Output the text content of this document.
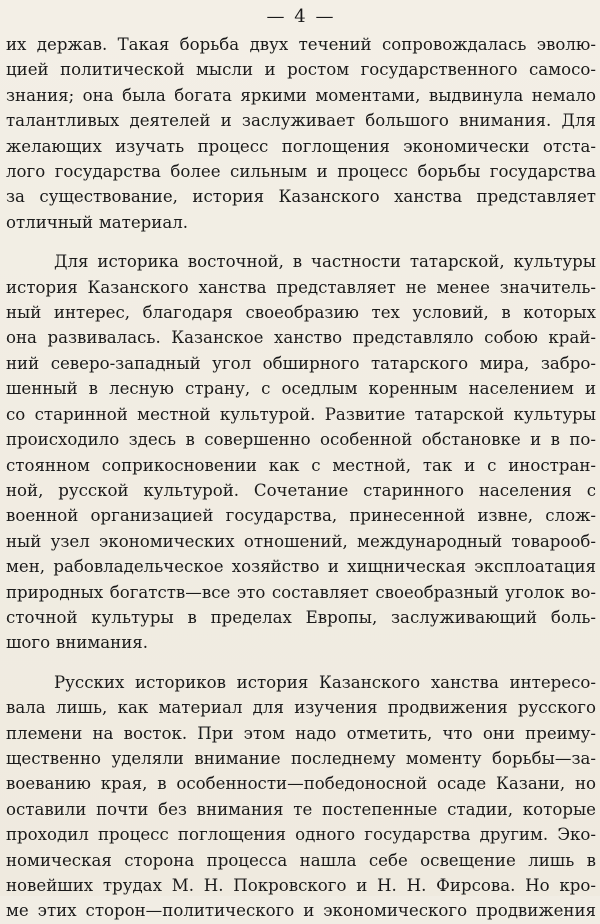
— 4 —
их держав. Такая борьба двух течений сопровождалась эволю-
цией политической мысли и ростом государственного самосо-
знания; она была богата яркими моментами, выдвинула немало
талантливых деятелей и заслуживает большого внимания. Для
желающих изучать процесс поглощения экономически отста-
лого государства более сильным и процесс борьбы государства
за существование, история Казанского ханства представляет
отличный материал.
Для историка восточной, в частности татарской, культуры
история Казанского ханства представляет не менее значитель-
ный интерес, благодаря своеобразию тех условий, в которых
она развивалась. Казанское ханство представляло собою край-
ний северо-западный угол обширного татарского мира, забро-
шенный в лесную страну, с оседлым коренным населением и
со старинной местной культурой. Развитие татарской культуры
происходило здесь в совершенно особенной обстановке и в по-
стоянном соприкосновении как с местной, так и с иностран-
ной, русской культурой. Сочетание старинного населения с
военной организацией государства, принесенной извне, слож-
ный узел экономических отношений, международный товарооб-
мен, рабовладельческое хозяйство и хищническая эксплоатация
природных богатств—все это составляет своеобразный уголок во-
сточной культуры в пределах Европы, заслуживающий боль-
шого внимания.
Русских историков история Казанского ханства интересо-
вала лишь, как материал для изучения продвижения русского
племени на восток. При этом надо отметить, что они преиму-
щественно уделяли внимание последнему моменту борьбы—за-
воеванию края, в особенности—победоносной осаде Казани, но
оставили почти без внимания те постепенные стадии, которые
проходил процесс поглощения одного государства другим. Эко-
номическая сторона процесса нашла себе освещение лишь в
новейших трудах М. Н. Покровского и Н. Н. Фирсова. Но кро-
ме этих сторон—политического и экономического продвижения
